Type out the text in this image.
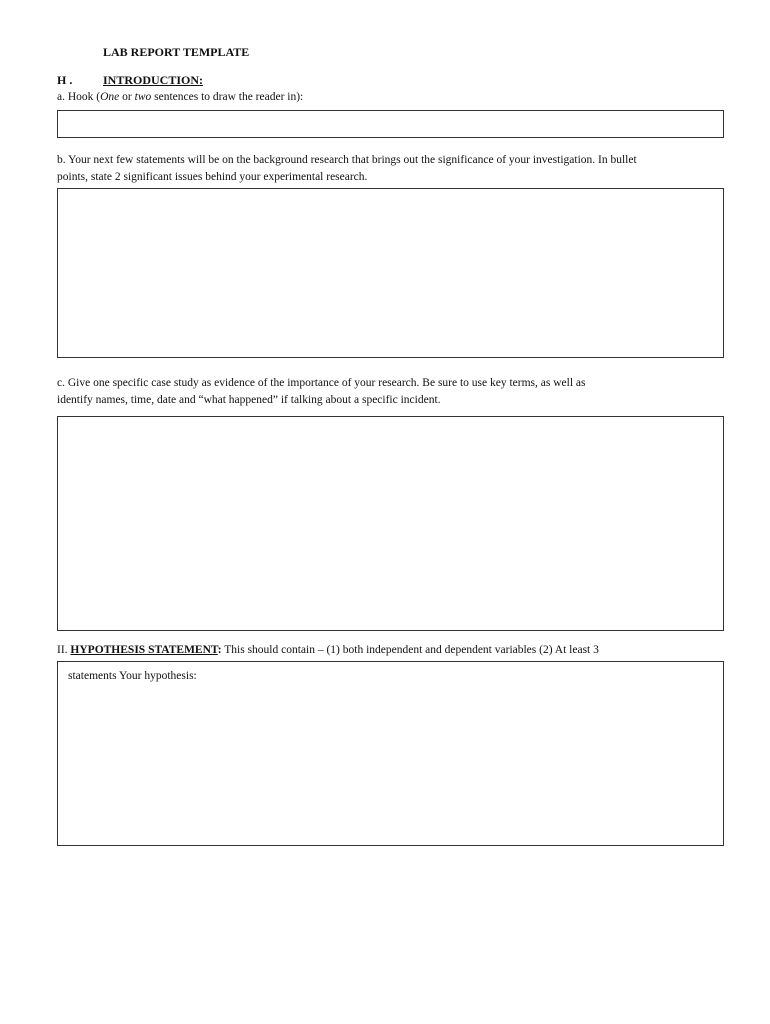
LAB REPORT TEMPLATE
H .	INTRODUCTION:
a. Hook (One or two sentences to draw the reader in):
b. Your next few statements will be on the background research that brings out the significance of your investigation. In bullet
points, state 2 significant issues behind your experimental research.
c. Give one specific case study as evidence of the importance of your research. Be sure to use key terms, as well as
identify names, time, date and “what happened” if talking about a specific incident.
II. HYPOTHESIS STATEMENT: This should contain – (1) both independent and dependent variables (2) At least 3
statements Your hypothesis:
